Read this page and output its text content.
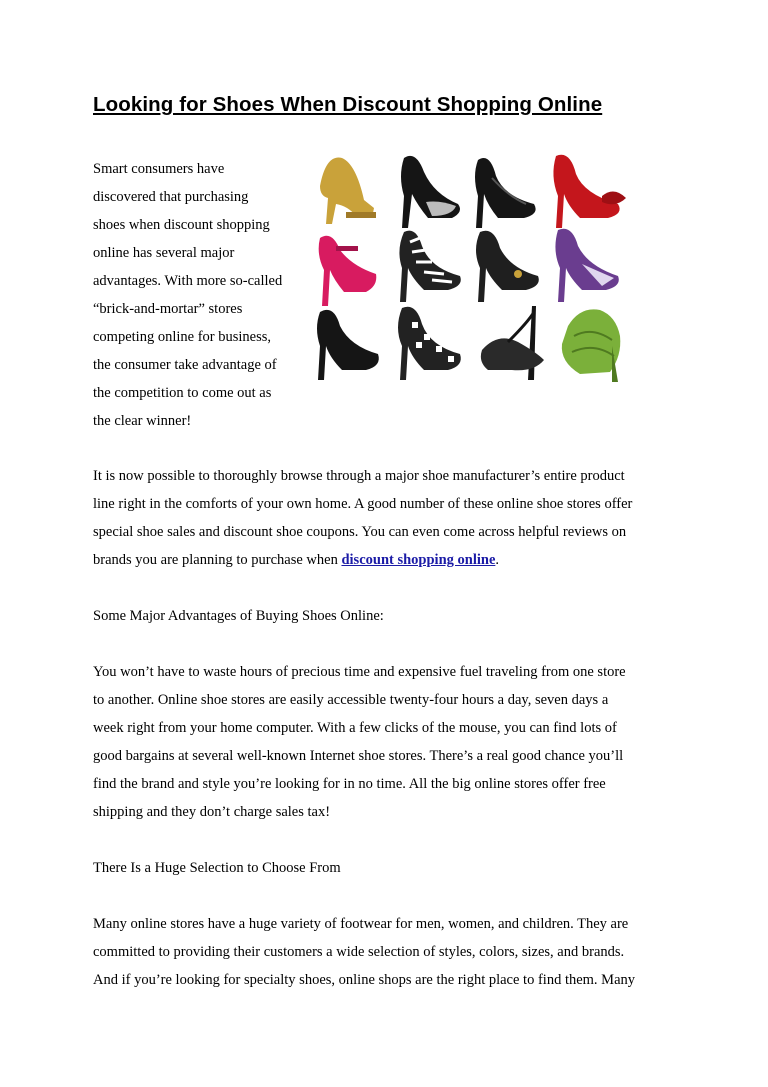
Looking for Shoes When Discount Shopping Online
Smart consumers have
discovered that purchasing
shoes when discount shopping
online has several major
advantages. With more so-called
“brick-and-mortar” stores
competing online for business,
the consumer take advantage of
the competition to come out as
the clear winner!
It is now possible to thoroughly browse through a major shoe manufacturer’s entire product
line right in the comforts of your own home. A good number of these online shoe stores offer
special shoe sales and discount shoe coupons. You can even come across helpful reviews on
brands you are planning to purchase when discount shopping online.
Some Major Advantages of Buying Shoes Online:
You won’t have to waste hours of precious time and expensive fuel traveling from one store
to another. Online shoe stores are easily accessible twenty-four hours a day, seven days a
week right from your home computer. With a few clicks of the mouse, you can find lots of
good bargains at several well-known Internet shoe stores. There’s a real good chance you’ll
find the brand and style you’re looking for in no time. All the big online stores offer free
shipping and they don’t charge sales tax!
There Is a Huge Selection to Choose From
Many online stores have a huge variety of footwear for men, women, and children. They are
committed to providing their customers a wide selection of styles, colors, sizes, and brands.
And if you’re looking for specialty shoes, online shops are the right place to find them. Many
